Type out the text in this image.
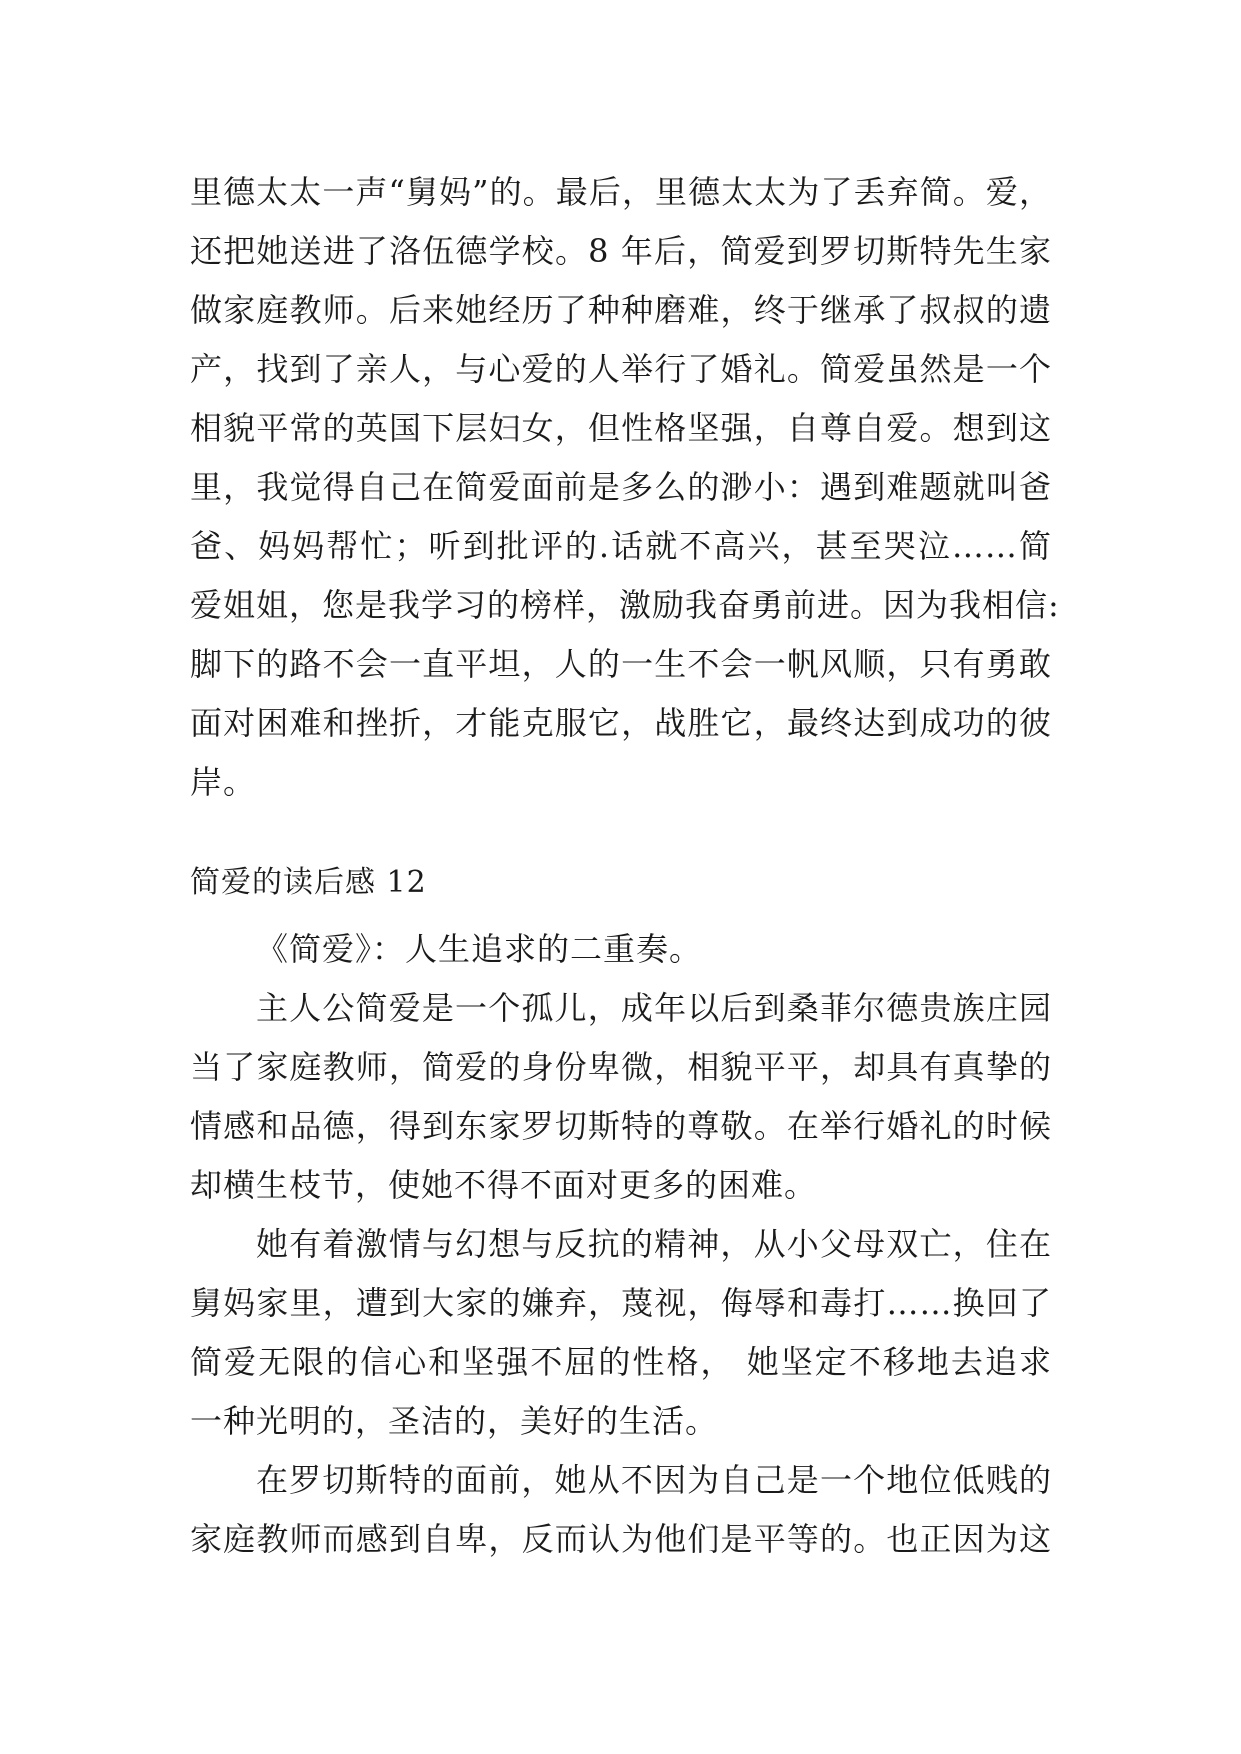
里德太太一声“舅妈”的。最后，里德太太为了丢弃简。爱，
还把她送进了洛伍德学校。8 年后，简爱到罗切斯特先生家
做家庭教师。后来她经历了种种磨难，终于继承了叔叔的遗
产，找到了亲人，与心爱的人举行了婚礼。简爱虽然是一个
相貌平常的英国下层妇女，但性格坚强，自尊自爱。想到这
里，我觉得自己在简爱面前是多么的渺小：遇到难题就叫爸
爸、妈妈帮忙；听到批评的.话就不高兴，甚至哭泣……简
爱姐姐，您是我学习的榜样，激励我奋勇前进。因为我相信:
脚下的路不会一直平坦，人的一生不会一帆风顺，只有勇敢
面对困难和挫折，才能克服它，战胜它，最终达到成功的彼
岸。
简爱的读后感 12
《简爱》：人生追求的二重奏。
主人公简爱是一个孤儿，成年以后到桑菲尔德贵族庄园
当了家庭教师，简爱的身份卑微，相貌平平，却具有真挚的
情感和品德，得到东家罗切斯特的尊敬。在举行婚礼的时候
却横生枝节，使她不得不面对更多的困难。
她有着激情与幻想与反抗的精神，从小父母双亡，住在
舅妈家里，遭到大家的嫌弃，蔑视，侮辱和毒打……换回了
简爱无限的信心和坚强不屈的性格， 她坚定不移地去追求
一种光明的，圣洁的，美好的生活。
在罗切斯特的面前，她从不因为自己是一个地位低贱的
家庭教师而感到自卑，反而认为他们是平等的。也正因为这
